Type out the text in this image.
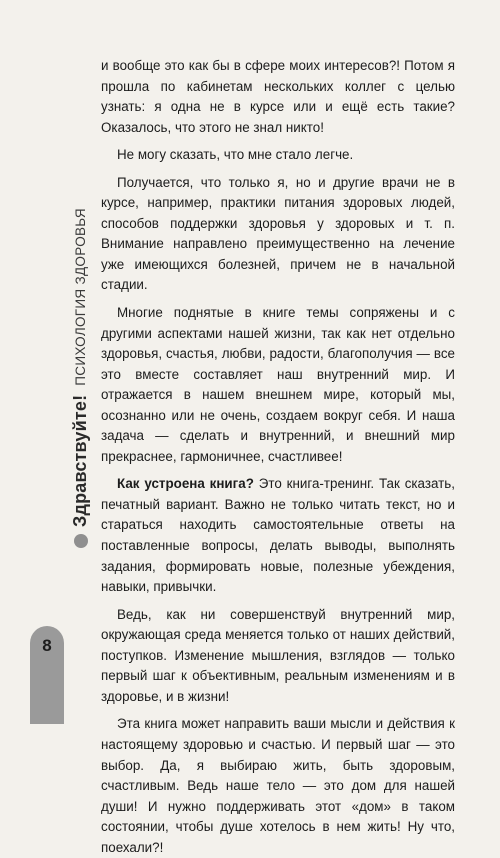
Здравствуйте!
ПСИХОЛОГИЯ ЗДОРОВЬЯ
8

и вообще это как бы в сфере моих интересов?! Потом я прошла по кабинетам нескольких коллег с целью узнать: я одна не в курсе или и ещё есть такие? Оказалось, что этого не знал никто!

Не могу сказать, что мне стало легче.

Получается, что только я, но и другие врачи не в курсе, например, практики питания здоровых людей, способов поддержки здоровья у здоровых и т. п. Внимание направлено преимущественно на лечение уже имеющихся болезней, причем не в начальной стадии.

Многие поднятые в книге темы сопряжены и с другими аспектами нашей жизни, так как нет отдельно здоровья, счастья, любви, радости, благополучия — все это вместе составляет наш внутренний мир. И отражается в нашем внешнем мире, который мы, осознанно или не очень, создаем вокруг себя. И наша задача — сделать и внутренний, и внешний мир прекраснее, гармоничнее, счастливее!

Как устроена книга? Это книга-тренинг. Так сказать, печатный вариант. Важно не только читать текст, но и стараться находить самостоятельные ответы на поставленные вопросы, делать выводы, выполнять задания, формировать новые, полезные убеждения, навыки, привычки.

Ведь, как ни совершенствуй внутренний мир, окружающая среда меняется только от наших действий, поступков. Изменение мышления, взглядов — только первый шаг к объективным, реальным изменениям и в здоровье, и в жизни!

Эта книга может направить ваши мысли и действия к настоящему здоровью и счастью. И первый шаг — это выбор. Да, я выбираю жить, быть здоровым, счастливым. Ведь наше тело — это дом для нашей души! И нужно поддерживать этот «дом» в таком состоянии, чтобы душе хотелось в нем жить! Ну что, поехали?!
